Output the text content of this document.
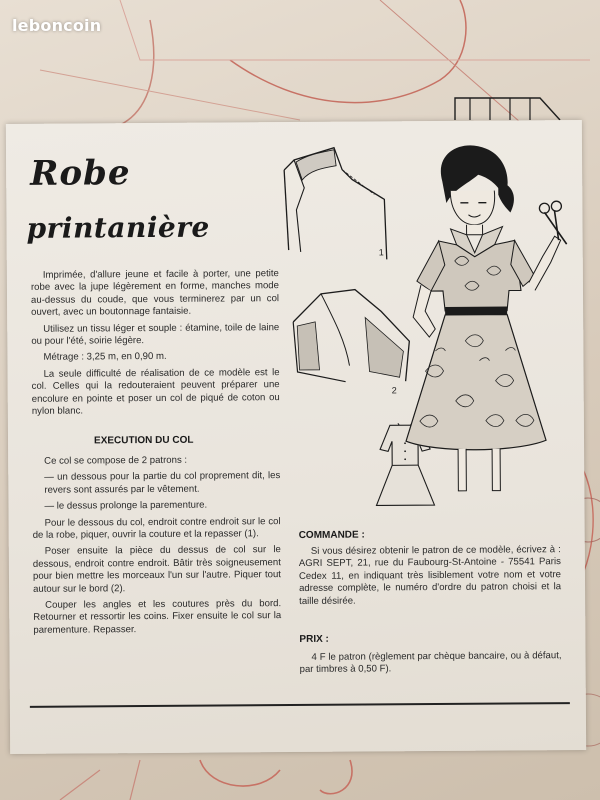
leboncoin
Robe
printanière
1
2

Imprimée, d'allure jeune et facile à porter, une petite robe avec la jupe légèrement en forme, manches mode au-dessus du coude, que vous terminerez par un col ouvert, avec un boutonnage fantaisie.

Utilisez un tissu léger et souple : étamine, toile de laine ou pour l'été, soirie légère.

Métrage : 3,25 m, en 0,90 m.

La seule difficulté de réalisation de ce modèle est le col. Celles qui la redouteraient peuvent préparer une encolure en pointe et poser un col de piqué de coton ou nylon blanc.

EXECUTION DU COL

Ce col se compose de 2 patrons :

— un dessous pour la partie du col proprement dit, les revers sont assurés par le vêtement.

— le dessus prolonge la parementure.

Pour le dessous du col, endroit contre endroit sur le col de la robe, piquer, ouvrir la couture et la repasser (1).

Poser ensuite la pièce du dessus de col sur le dessous, endroit contre endroit. Bâtir très soigneusement pour bien mettre les morceaux l'un sur l'autre. Piquer tout autour sur le bord (2).

Couper les angles et les coutures près du bord. Retourner et ressortir les coins. Fixer ensuite le col sur la parementure. Repasser.

COMMANDE :

Si vous désirez obtenir le patron de ce modèle, écrivez à : AGRI SEPT, 21, rue du Faubourg-St-Antoine - 75541 Paris Cedex 11, en indiquant très lisiblement votre nom et votre adresse complète, le numéro d'ordre du patron choisi et la taille désirée.

PRIX :

4 F le patron (règlement par chèque bancaire, ou à défaut, par timbres à 0,50 F).
